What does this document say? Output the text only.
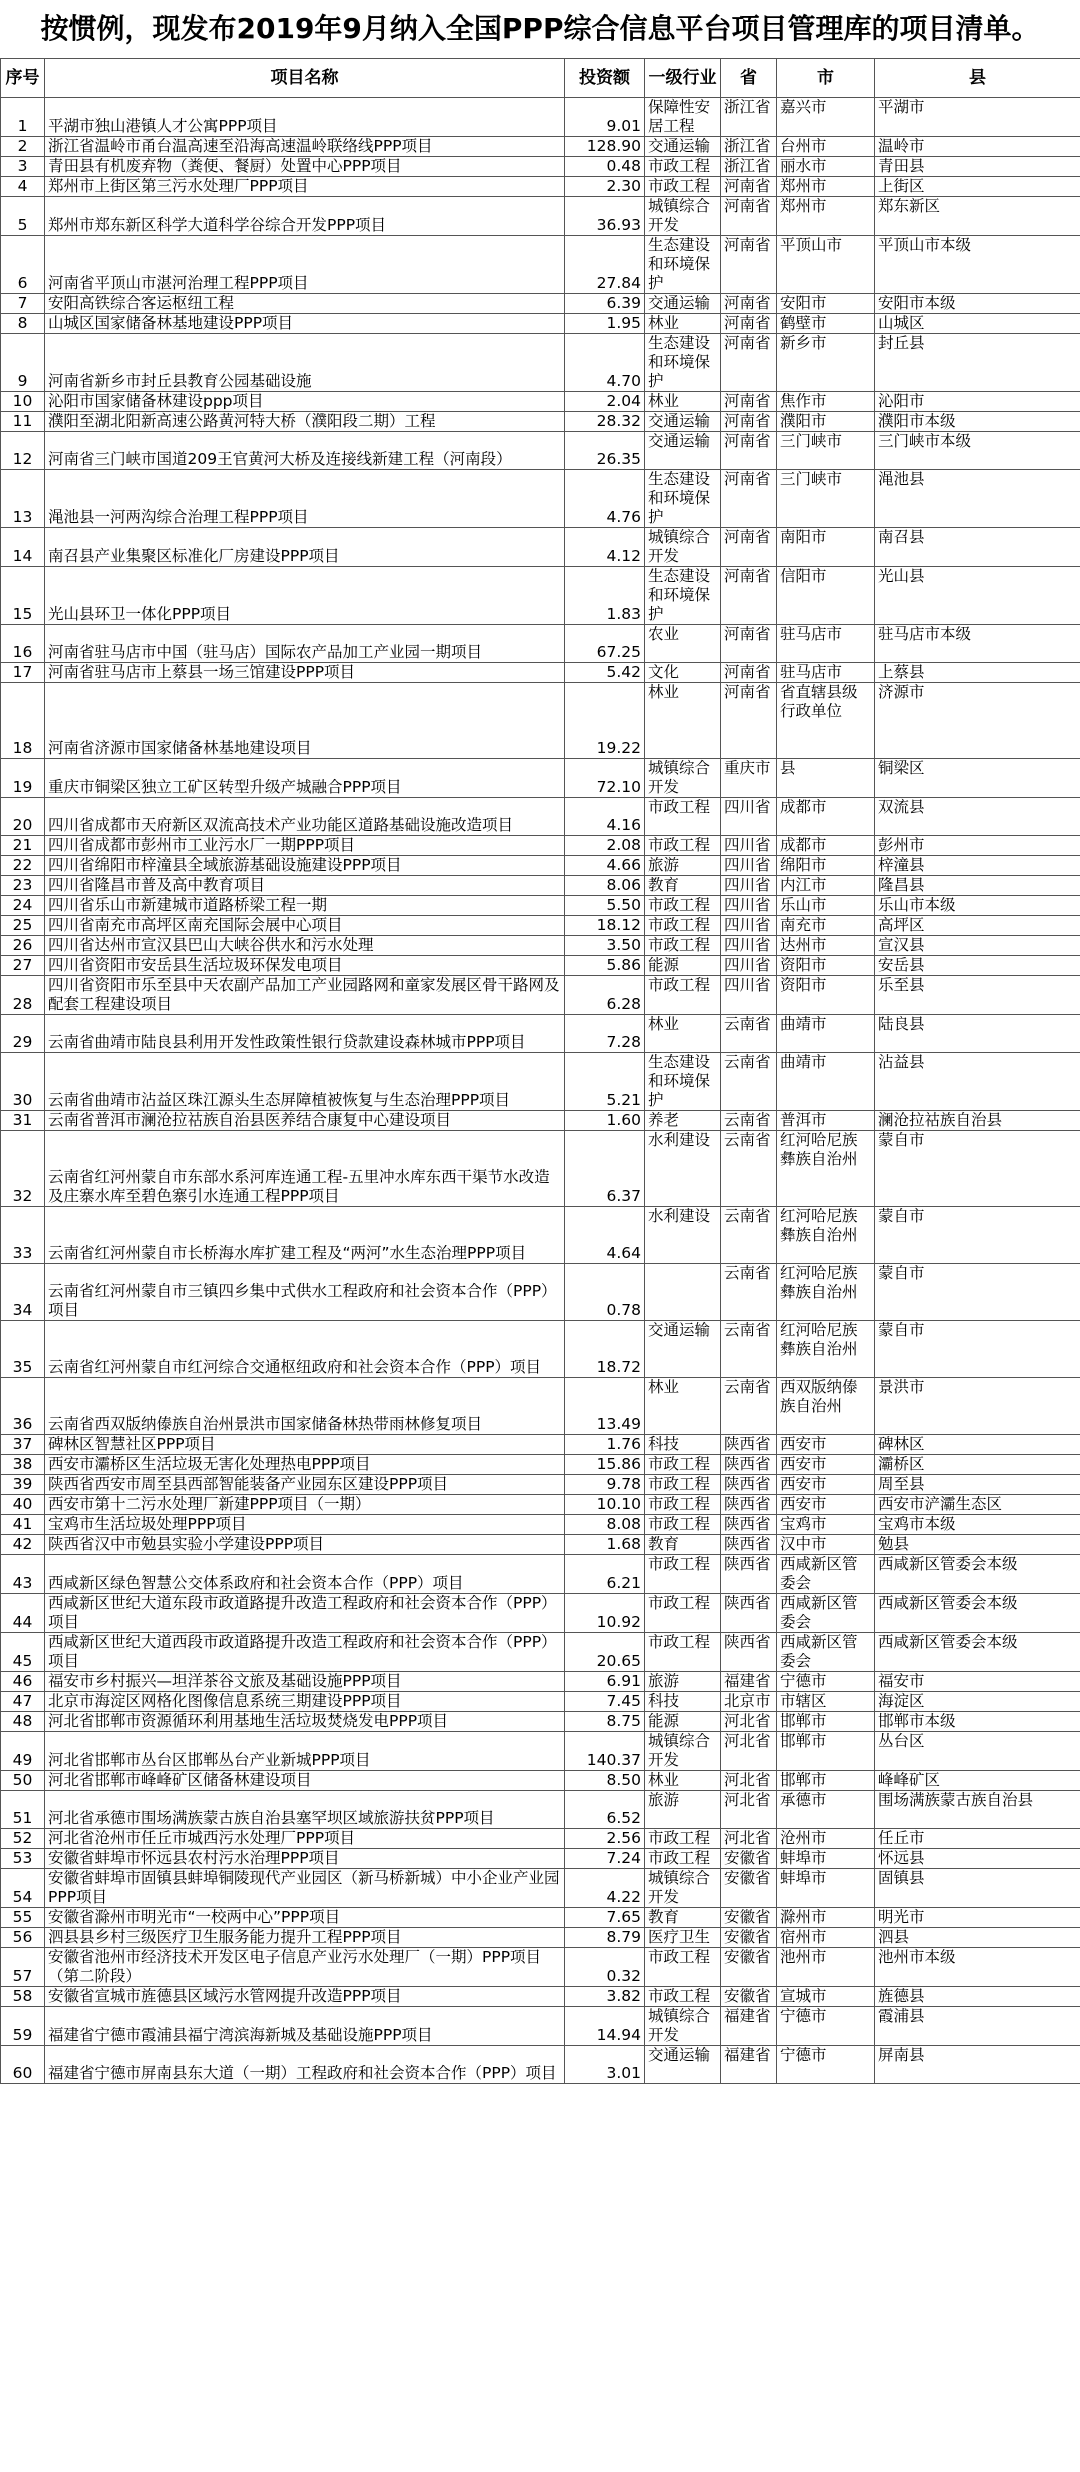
按惯例，现发布2019年9月纳入全国PPP综合信息平台项目管理库的项目清单。
序号	项目名称	投资额	一级行业	省	市	县
1	平湖市独山港镇人才公寓PPP项目	9.01	保障性安居工程	浙江省	嘉兴市	平湖市
2	浙江省温岭市甬台温高速至沿海高速温岭联络线PPP项目	128.90	交通运输	浙江省	台州市	温岭市
3	青田县有机废弃物（粪便、餐厨）处置中心PPP项目	0.48	市政工程	浙江省	丽水市	青田县
4	郑州市上街区第三污水处理厂PPP项目	2.30	市政工程	河南省	郑州市	上街区
5	郑州市郑东新区科学大道科学谷综合开发PPP项目	36.93	城镇综合开发	河南省	郑州市	郑东新区
6	河南省平顶山市湛河治理工程PPP项目	27.84	生态建设和环境保护	河南省	平顶山市	平顶山市本级
7	安阳高铁综合客运枢纽工程	6.39	交通运输	河南省	安阳市	安阳市本级
8	山城区国家储备林基地建设PPP项目	1.95	林业	河南省	鹤壁市	山城区
9	河南省新乡市封丘县教育公园基础设施	4.70	生态建设和环境保护	河南省	新乡市	封丘县
10	沁阳市国家储备林建设ppp项目	2.04	林业	河南省	焦作市	沁阳市
11	濮阳至湖北阳新高速公路黄河特大桥（濮阳段二期）工程	28.32	交通运输	河南省	濮阳市	濮阳市本级
12	河南省三门峡市国道209王官黄河大桥及连接线新建工程（河南段）	26.35	交通运输	河南省	三门峡市	三门峡市本级
13	渑池县一河两沟综合治理工程PPP项目	4.76	生态建设和环境保护	河南省	三门峡市	渑池县
14	南召县产业集聚区标准化厂房建设PPP项目	4.12	城镇综合开发	河南省	南阳市	南召县
15	光山县环卫一体化PPP项目	1.83	生态建设和环境保护	河南省	信阳市	光山县
16	河南省驻马店市中国（驻马店）国际农产品加工产业园一期项目	67.25	农业	河南省	驻马店市	驻马店市本级
17	河南省驻马店市上蔡县一场三馆建设PPP项目	5.42	文化	河南省	驻马店市	上蔡县
18	河南省济源市国家储备林基地建设项目	19.22	林业	河南省	省直辖县级行政单位	济源市
19	重庆市铜梁区独立工矿区转型升级产城融合PPP项目	72.10	城镇综合开发	重庆市	县	铜梁区
20	四川省成都市天府新区双流高技术产业功能区道路基础设施改造项目	4.16	市政工程	四川省	成都市	双流县
21	四川省成都市彭州市工业污水厂一期PPP项目	2.08	市政工程	四川省	成都市	彭州市
22	四川省绵阳市梓潼县全域旅游基础设施建设PPP项目	4.66	旅游	四川省	绵阳市	梓潼县
23	四川省隆昌市普及高中教育项目	8.06	教育	四川省	内江市	隆昌县
24	四川省乐山市新建城市道路桥梁工程一期	5.50	市政工程	四川省	乐山市	乐山市本级
25	四川省南充市高坪区南充国际会展中心项目	18.12	市政工程	四川省	南充市	高坪区
26	四川省达州市宣汉县巴山大峡谷供水和污水处理	3.50	市政工程	四川省	达州市	宣汉县
27	四川省资阳市安岳县生活垃圾环保发电项目	5.86	能源	四川省	资阳市	安岳县
28	四川省资阳市乐至县中天农副产品加工产业园路网和童家发展区骨干路网及配套工程建设项目	6.28	市政工程	四川省	资阳市	乐至县
29	云南省曲靖市陆良县利用开发性政策性银行贷款建设森林城市PPP项目	7.28	林业	云南省	曲靖市	陆良县
30	云南省曲靖市沾益区珠江源头生态屏障植被恢复与生态治理PPP项目	5.21	生态建设和环境保护	云南省	曲靖市	沾益县
31	云南省普洱市澜沧拉祜族自治县医养结合康复中心建设项目	1.60	养老	云南省	普洱市	澜沧拉祜族自治县
32	云南省红河州蒙自市东部水系河库连通工程-五里冲水库东西干渠节水改造及庄寨水库至碧色寨引水连通工程PPP项目	6.37	水利建设	云南省	红河哈尼族彝族自治州	蒙自市
33	云南省红河州蒙自市长桥海水库扩建工程及“两河”水生态治理PPP项目	4.64	水利建设	云南省	红河哈尼族彝族自治州	蒙自市
34	云南省红河州蒙自市三镇四乡集中式供水工程政府和社会资本合作（PPP）项目	0.78		云南省	红河哈尼族彝族自治州	蒙自市
35	云南省红河州蒙自市红河综合交通枢纽政府和社会资本合作（PPP）项目	18.72	交通运输	云南省	红河哈尼族彝族自治州	蒙自市
36	云南省西双版纳傣族自治州景洪市国家储备林热带雨林修复项目	13.49	林业	云南省	西双版纳傣族自治州	景洪市
37	碑林区智慧社区PPP项目	1.76	科技	陕西省	西安市	碑林区
38	西安市灞桥区生活垃圾无害化处理热电PPP项目	15.86	市政工程	陕西省	西安市	灞桥区
39	陕西省西安市周至县西部智能装备产业园东区建设PPP项目	9.78	市政工程	陕西省	西安市	周至县
40	西安市第十二污水处理厂新建PPP项目（一期）	10.10	市政工程	陕西省	西安市	西安市浐灞生态区
41	宝鸡市生活垃圾处理PPP项目	8.08	市政工程	陕西省	宝鸡市	宝鸡市本级
42	陕西省汉中市勉县实验小学建设PPP项目	1.68	教育	陕西省	汉中市	勉县
43	西咸新区绿色智慧公交体系政府和社会资本合作（PPP）项目	6.21	市政工程	陕西省	西咸新区管委会	西咸新区管委会本级
44	西咸新区世纪大道东段市政道路提升改造工程政府和社会资本合作（PPP）项目	10.92	市政工程	陕西省	西咸新区管委会	西咸新区管委会本级
45	西咸新区世纪大道西段市政道路提升改造工程政府和社会资本合作（PPP）项目	20.65	市政工程	陕西省	西咸新区管委会	西咸新区管委会本级
46	福安市乡村振兴—坦洋茶谷文旅及基础设施PPP项目	6.91	旅游	福建省	宁德市	福安市
47	北京市海淀区网格化图像信息系统三期建设PPP项目	7.45	科技	北京市	市辖区	海淀区
48	河北省邯郸市资源循环利用基地生活垃圾焚烧发电PPP项目	8.75	能源	河北省	邯郸市	邯郸市本级
49	河北省邯郸市丛台区邯郸丛台产业新城PPP项目	140.37	城镇综合开发	河北省	邯郸市	丛台区
50	河北省邯郸市峰峰矿区储备林建设项目	8.50	林业	河北省	邯郸市	峰峰矿区
51	河北省承德市围场满族蒙古族自治县塞罕坝区域旅游扶贫PPP项目	6.52	旅游	河北省	承德市	围场满族蒙古族自治县
52	河北省沧州市任丘市城西污水处理厂PPP项目	2.56	市政工程	河北省	沧州市	任丘市
53	安徽省蚌埠市怀远县农村污水治理PPP项目	7.24	市政工程	安徽省	蚌埠市	怀远县
54	安徽省蚌埠市固镇县蚌埠铜陵现代产业园区（新马桥新城）中小企业产业园PPP项目	4.22	城镇综合开发	安徽省	蚌埠市	固镇县
55	安徽省滁州市明光市“一校两中心”PPP项目	7.65	教育	安徽省	滁州市	明光市
56	泗县县乡村三级医疗卫生服务能力提升工程PPP项目	8.79	医疗卫生	安徽省	宿州市	泗县
57	安徽省池州市经济技术开发区电子信息产业污水处理厂（一期）PPP项目（第二阶段）	0.32	市政工程	安徽省	池州市	池州市本级
58	安徽省宣城市旌德县区域污水管网提升改造PPP项目	3.82	市政工程	安徽省	宣城市	旌德县
59	福建省宁德市霞浦县福宁湾滨海新城及基础设施PPP项目	14.94	城镇综合开发	福建省	宁德市	霞浦县
60	福建省宁德市屏南县东大道（一期）工程政府和社会资本合作（PPP）项目	3.01	交通运输	福建省	宁德市	屏南县
